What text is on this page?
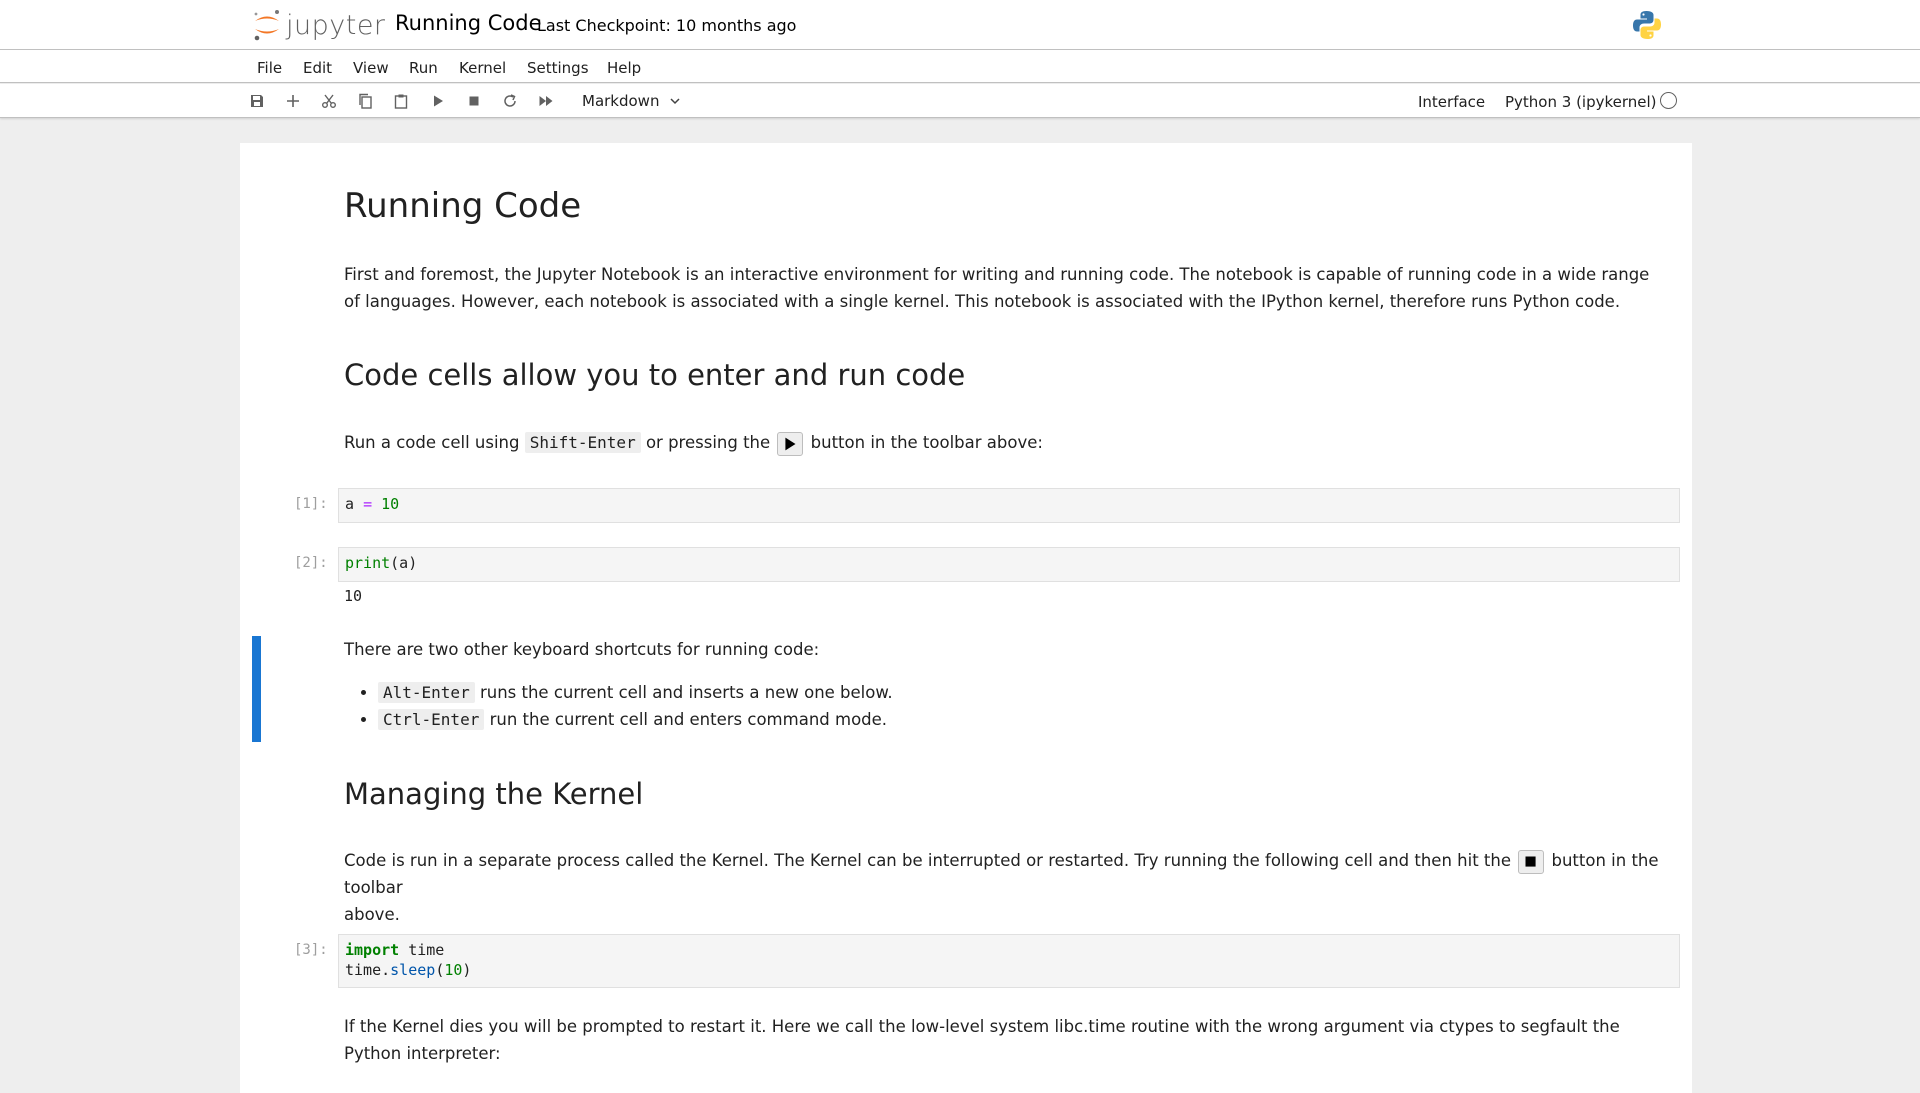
jupyter Running Code
Last Checkpoint: 10 months ago
File Edit View Run Kernel Settings Help
Markdown	Interface Python 3 (ipykernel)
Running Code

First and foremost, the Jupyter Notebook is an interactive environment for writing and running code. The notebook is capable of running code in a wide range of languages. However, each notebook is associated with a single kernel. This notebook is associated with the IPython kernel, therefore runs Python code.

Code cells allow you to enter and run code

Run a code cell using Shift-Enter or pressing the button in the toolbar above:

[1]:	a = 10
[2]:	print(a)
10

There are two other keyboard shortcuts for running code:

• Alt-Enter runs the current cell and inserts a new one below.
• Ctrl-Enter run the current cell and enters command mode.
Managing the Kernel

Code is run in a separate process called the Kernel. The Kernel can be interrupted or restarted. Try running the following cell and then hit the button in the toolbar
above.

[3]: import time
time.sleep(10)

If the Kernel dies you will be prompted to restart it. Here we call the low-level system libc.time routine with the wrong argument via ctypes to segfault the Python interpreter:
